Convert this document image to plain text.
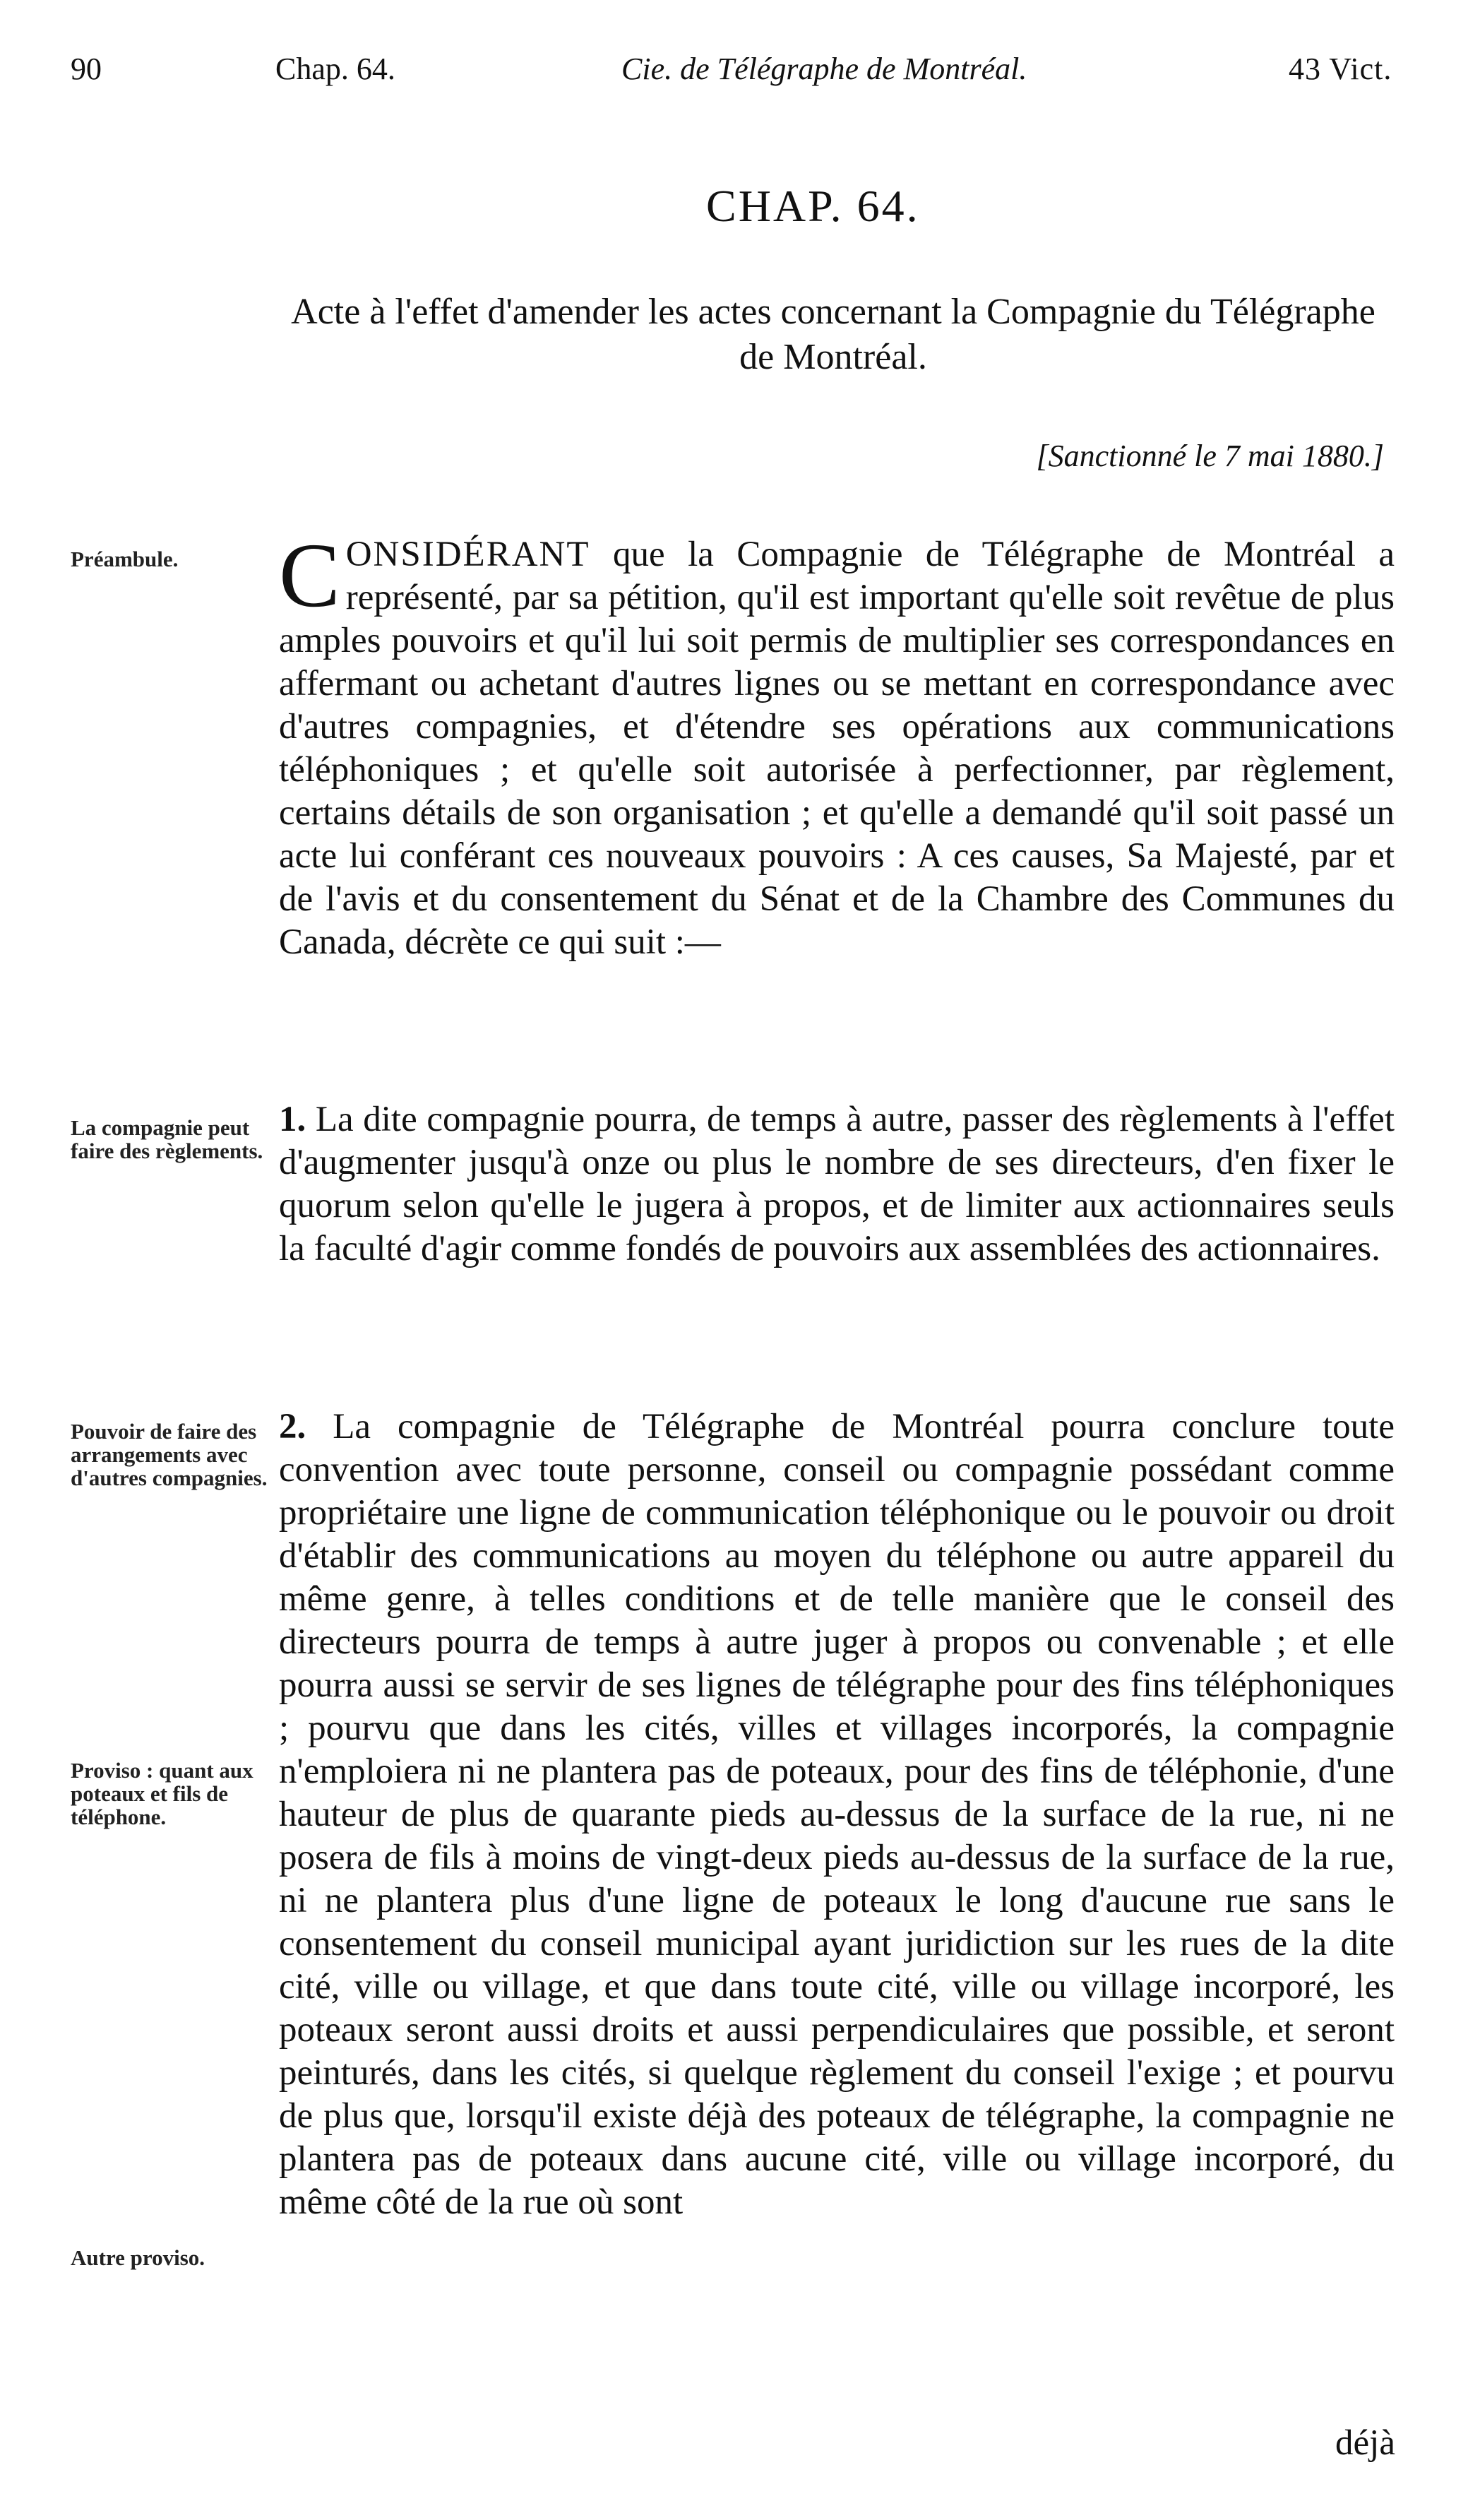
90	Chap. 64.	Cie. de Télégraphe de Montréal.	43 Vict.
CHAP. 64.
Acte à l'effet d'amender les actes concernant la Compagnie du Télégraphe de Montréal.
[Sanctionné le 7 mai 1880.]
Préambule.	CONSIDÉRANT que la Compagnie de Télégraphe de Montréal a représenté, par sa pétition, qu'il est important qu'elle soit revêtue de plus amples pouvoirs et qu'il lui soit permis de multiplier ses correspondances en affermant ou achetant d'autres lignes ou se mettant en correspondance avec d'autres compagnies, et d'étendre ses opérations aux communications téléphoniques ; et qu'elle soit autorisée à perfectionner, par règlement, certains détails de son organisation ; et qu'elle a demandé qu'il soit passé un acte lui conférant ces nouveaux pouvoirs : A ces causes, Sa Majesté, par et de l'avis et du consentement du Sénat et de la Chambre des Communes du Canada, décrète ce qui suit :—
La compagnie peut faire des règlements.
1. La dite compagnie pourra, de temps à autre, passer des règlements à l'effet d'augmenter jusqu'à onze ou plus le nombre de ses directeurs, d'en fixer le quorum selon qu'elle le jugera à propos, et de limiter aux actionnaires seuls la faculté d'agir comme fondés de pouvoirs aux assemblées des actionnaires.
Pouvoir de faire des arrangements avec d'autres compagnies.
Proviso : quant aux poteaux et fils de téléphone.
Autre proviso.
2. La compagnie de Télégraphe de Montréal pourra conclure toute convention avec toute personne, conseil ou compagnie possédant comme propriétaire une ligne de communication téléphonique ou le pouvoir ou droit d'établir des communications au moyen du téléphone ou autre appareil du même genre, à telles conditions et de telle manière que le conseil des directeurs pourra de temps à autre juger à propos ou convenable ; et elle pourra aussi se servir de ses lignes de télégraphe pour des fins téléphoniques ; pourvu que dans les cités, villes et villages incorporés, la compagnie n'emploiera ni ne plantera pas de poteaux, pour des fins de téléphonie, d'une hauteur de plus de quarante pieds au-dessus de la surface de la rue, ni ne posera de fils à moins de vingt-deux pieds au-dessus de la surface de la rue, ni ne plantera plus d'une ligne de poteaux le long d'aucune rue sans le consentement du conseil municipal ayant juridiction sur les rues de la dite cité, ville ou village, et que dans toute cité, ville ou village incorporé, les poteaux seront aussi droits et aussi perpendiculaires que possible, et seront peinturés, dans les cités, si quelque règlement du conseil l'exige ; et pourvu de plus que, lorsqu'il existe déjà des poteaux de télégraphe, la compagnie ne plantera pas de poteaux dans aucune cité, ville ou village incorporé, du même côté de la rue où sont
déjà
